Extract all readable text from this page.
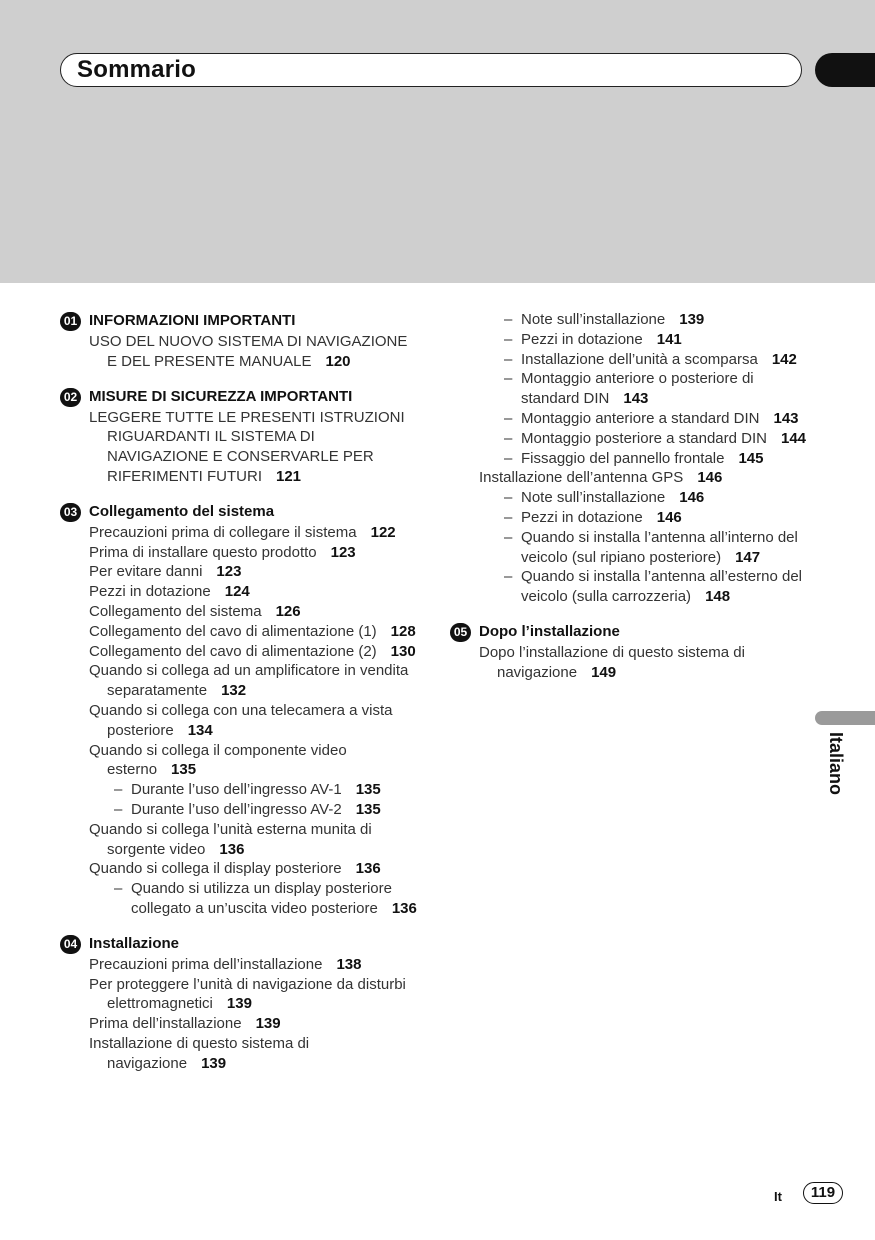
Sommario
01 INFORMAZIONI IMPORTANTI
USO DEL NUOVO SISTEMA DI NAVIGAZIONE E DEL PRESENTE MANUALE 120
02 MISURE DI SICUREZZA IMPORTANTI
LEGGERE TUTTE LE PRESENTI ISTRUZIONI RIGUARDANTI IL SISTEMA DI NAVIGAZIONE E CONSERVARLE PER RIFERIMENTI FUTURI 121
03 Collegamento del sistema
Precauzioni prima di collegare il sistema 122
Prima di installare questo prodotto 123
Per evitare danni 123
Pezzi in dotazione 124
Collegamento del sistema 126
Collegamento del cavo di alimentazione (1) 128
Collegamento del cavo di alimentazione (2) 130
Quando si collega ad un amplificatore in vendita separatamente 132
Quando si collega con una telecamera a vista posteriore 134
Quando si collega il componente video esterno 135
– Durante l’uso dell’ingresso AV-1 135
– Durante l’uso dell’ingresso AV-2 135
Quando si collega l’unità esterna munita di sorgente video 136
Quando si collega il display posteriore 136
– Quando si utilizza un display posteriore collegato a un’uscita video posteriore 136
04 Installazione
Precauzioni prima dell’installazione 138
Per proteggere l’unità di navigazione da disturbi elettromagnetici 139
Prima dell’installazione 139
Installazione di questo sistema di navigazione 139
– Note sull’installazione 139
– Pezzi in dotazione 141
– Installazione dell’unità a scomparsa 142
– Montaggio anteriore o posteriore di standard DIN 143
– Montaggio anteriore a standard DIN 143
– Montaggio posteriore a standard DIN 144
– Fissaggio del pannello frontale 145
Installazione dell’antenna GPS 146
– Note sull’installazione 146
– Pezzi in dotazione 146
– Quando si installa l’antenna all’interno del veicolo (sul ripiano posteriore) 147
– Quando si installa l’antenna all’esterno del veicolo (sulla carrozzeria) 148
05 Dopo l’installazione
Dopo l’installazione di questo sistema di navigazione 149
Italiano
It	119
